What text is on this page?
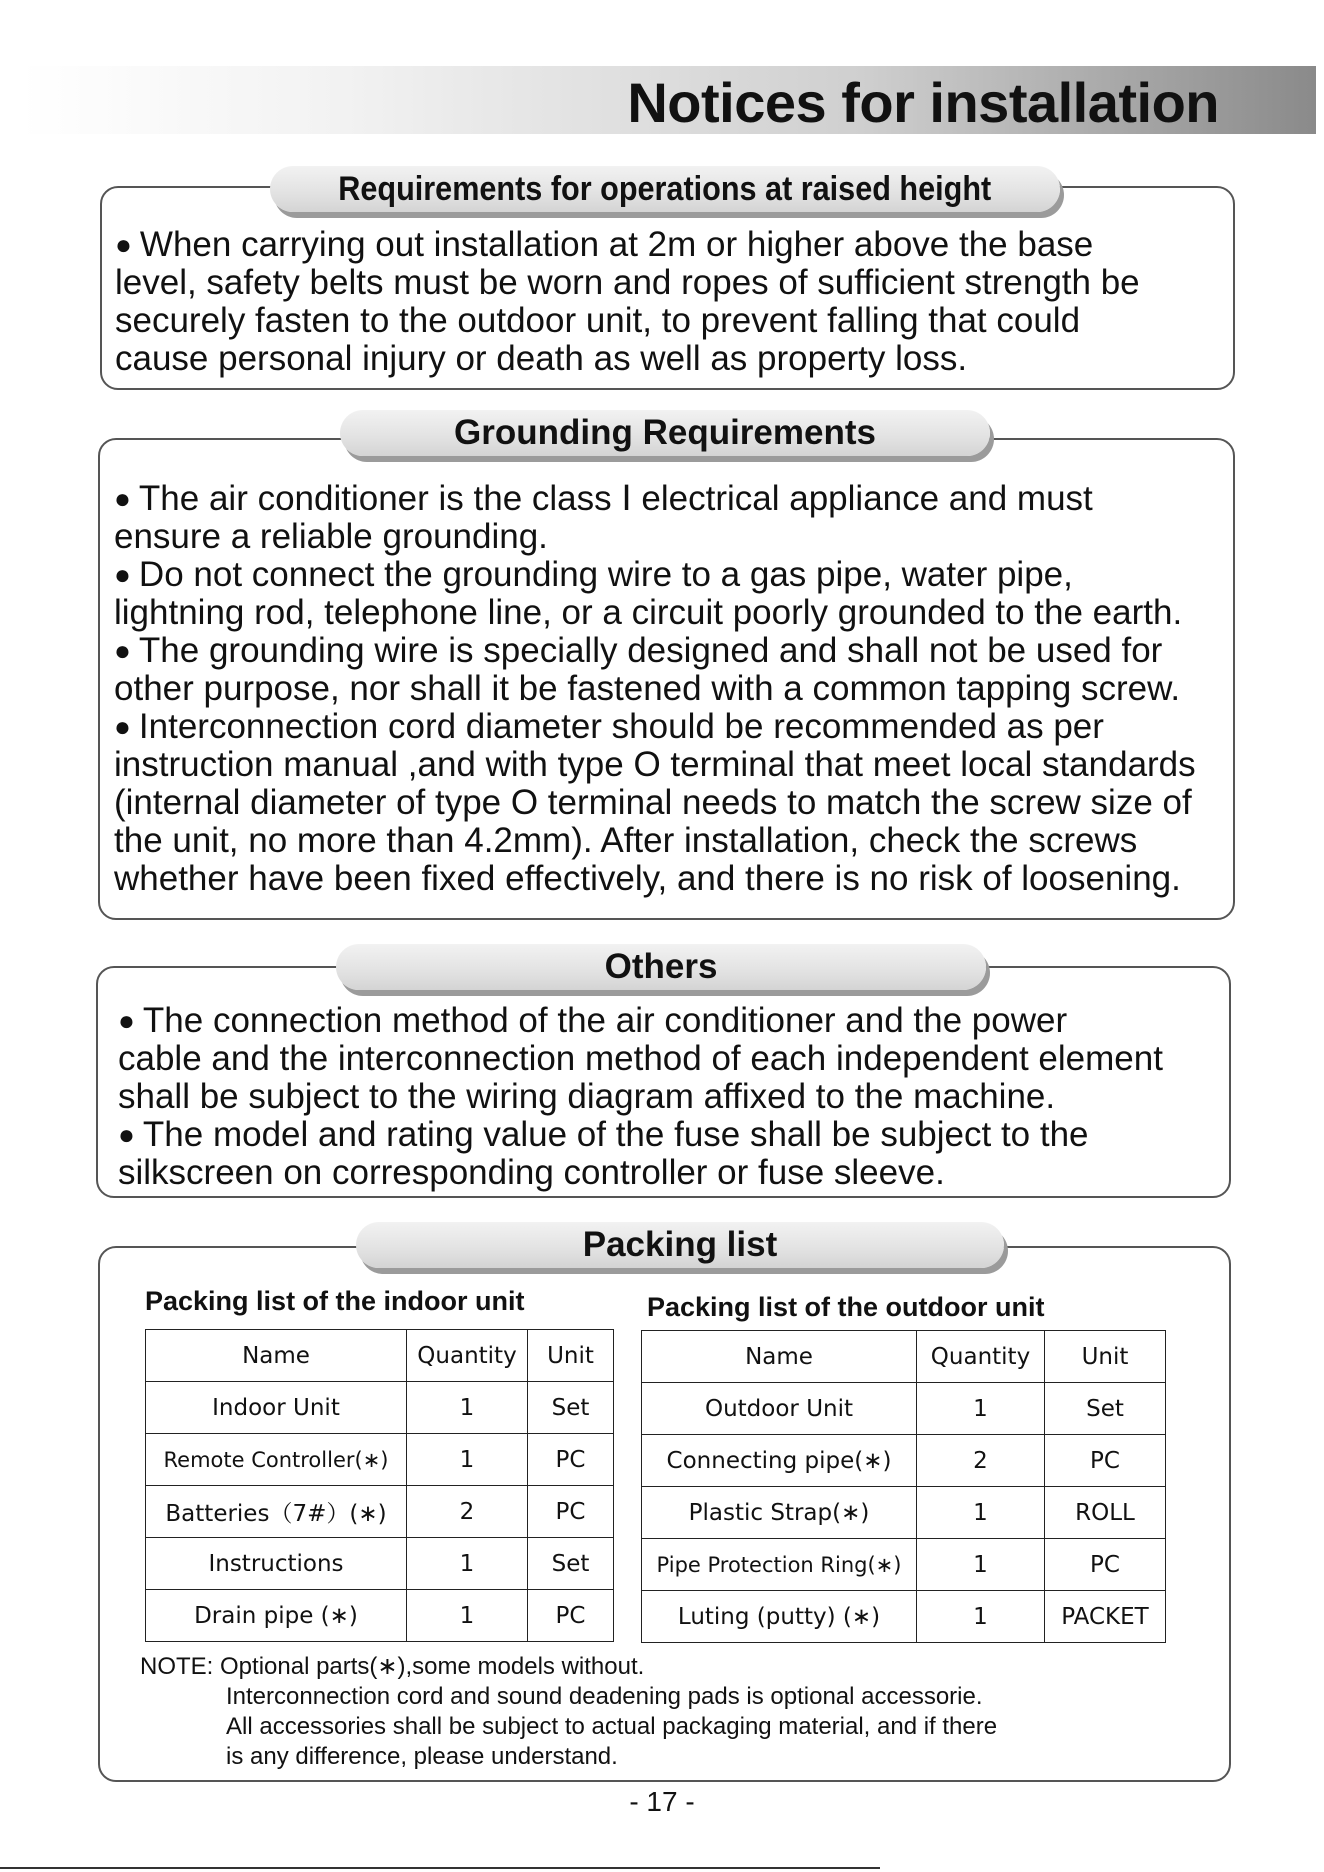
Notices for installation
Requirements for operations at raised height

● When carrying out installation at 2m or higher above the base

level, safety belts must be worn and ropes of sufficient strength be

securely fasten to the outdoor unit, to prevent falling that could

cause personal injury or death as well as property loss.

Grounding Requirements

● The air conditioner is the class Ⅰ electrical appliance and must

ensure a reliable grounding.

● Do not connect the grounding wire to a gas pipe, water pipe,

lightning rod, telephone line, or a circuit poorly grounded to the earth.

● The grounding wire is specially designed and shall not be used for

other purpose, nor shall it be fastened with a common tapping screw.

● Interconnection cord diameter should be recommended as per

instruction manual ,and with type O terminal that meet local standards

(internal diameter of type O terminal needs to match the screw size of

the unit, no more than 4.2mm). After installation, check the screws

whether have been fixed effectively, and there is no risk of loosening.

Others

● The connection method of the air conditioner and the power

cable and the interconnection method of each independent element

shall be subject to the wiring diagram affixed to the machine.

● The model and rating value of the fuse shall be subject to the

silkscreen on corresponding controller or fuse sleeve.

Packing list
Packing list of the indoor unit	Packing list of the outdoor unit
Name	Quantity	Unit
Indoor Unit	1	Set
Remote Controller(∗)	1	PC
Batteries（7#）(∗)	2	PC
Instructions	1	Set
Drain pipe (∗)	1	PC
Name	Quantity	Unit
Outdoor Unit	1	Set
Connecting pipe(∗)	2	PC
Plastic Strap(∗)	1	ROLL
Pipe Protection Ring(∗)	1	PC
Luting (putty) (∗)	1	PACKET

NOTE: Optional parts(∗),some models without.

Interconnection cord and sound deadening pads is optional accessorie.

All accessories shall be subject to actual packaging material, and if there

is any difference, please understand.

- 17 -
